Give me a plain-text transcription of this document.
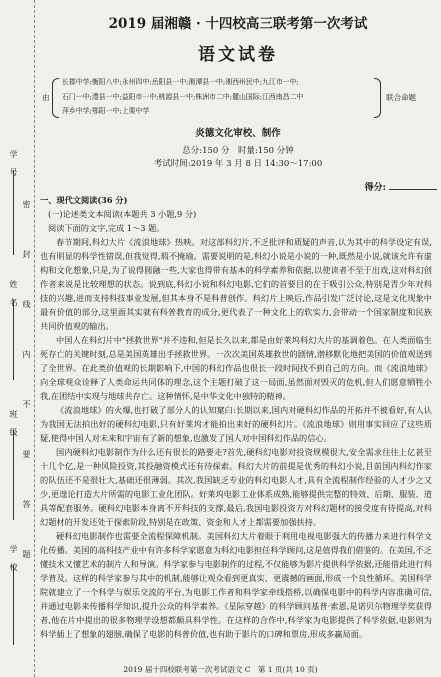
学　号
姓　名
班　级
学　校
密
封
线
内
不
要
答
题
2019 届湘赣 · 十四校高三联考第一次考试
语文试卷
由
长郡中学;衡阳八中;永州四中;岳阳县一中;湘潭县一中;湘西州民中;九江市一中;
石门一中;澧县一中;益阳市一中;桃源县一中;株洲市二中;麓山国际;江西南昌二中
萍乡中学;鄂阳一中;上栗中学
联合命题
炎德文化审校、制作
总分:150 分　时量:150 分钟
考试时间:2019 年 3 月 8 日 14:30～17:00
得分:
一、现代文阅读(36 分)
(一)论述类文本阅读(本题共 3 小题,9 分)
阅读下面的文字,完成 1～3 题。

春节期间,科幻大片《流浪地球》热映。对这部科幻片,不乏批评和质疑的声音,认为其中的科学设定有误,也有明显的科学性错误,但我觉得,瑕不掩瑜。需要说明的是,科幻小说是小说的一种,既然是小说,就该允许有虚构和文化想象,只是,为了说得圆融一些,大家也得带有基本的科学素养和依据,以使读者不至于出戏,这对科幻创作者来说是比较理想的状态。说到底,科幻小说和科幻电影,它们的首要目的在于吸引公众,特别是青少年对科技的兴趣,进而支持科技事业发展,但其本身不是科普创作。科幻片上映后,作品引发广泛讨论,这是文化现象中最有价值的部分,这里面其实就有科普教育的成分,更代表了一种文化上的软实力,会带动一个国家制度和民族共同价值观的输出。

中国人在科幻片中"拯救世界"并不违和,但是长久以来,都是由好莱坞科幻大片的基调着色。在人类面临生死存亡的关键时刻,总是美国英雄出手拯救世界。一次次美国英雄救世的剧情,潜移默化地把美国的价值观送到了全世界。在此类价值观的长期影响下,中国的科幻作品也很长一段时间找不到自己的方向。而《流浪地球》向全球观众诠释了人类命运共同体的理念,这个主题打破了这一局面,虽然面对毁灭的危机,但人们愿意牺牲小我,在团结中实现与地球共存亡。这种情怀,是中华文化中独特的精神。

《流浪地球》的火爆,也打破了部分人的认知窠臼:长期以来,国内对硬科幻作品的开拓并不被看好,有人认为我国无法拍出好的硬科幻电影,只有好莱坞才能拍出来好的硬科幻片。《流浪地球》则用事实回应了这些质疑,使得中国人对未来和宇宙有了新的想象,也激发了国人对中国科幻作品的信心。

国内硬科幻电影制作为什么还有很长的路要走?首先,硬科幻电影对投资规模很大,安全需求往往上亿甚至十几个亿,是一种风险投资,其投融资模式还有待探索。科幻大片的前提是优秀的科幻小说,目前国内科幻作家的队伍还不是很壮大,基础还很薄弱。其次,我国缺乏专业的科幻电影人才,具有全流程制作经验的人才少之又少,更遑论打造大片所需的电影工业化团队。好莱坞电影工业体系成熟,能够提供完整的特效、后期、服装、道具等配套服务。硬科幻电影本身离不开科技的支撑,最后,我国电影投资方对科幻题材的接受度有待提高,对科幻题材的开发还处于探索阶段,特别是在政策、资金和人才上都需要加强扶持。

硬科幻电影制作也需要全流程保障机制。美国科幻大片着眼于利用电视电影强大的传播力来进行科学文化传播。美国的高科技产业中有许多科学家愿意为科幻电影担任科学顾问,这是值得我们借鉴的。在美国,不乏懂技术又懂艺术的制片人和导演。科学家参与电影制作的过程,不仅能够为影片提供科学依据,还能借此进行科学普及。这样的科学家参与其中的机制,能够让观众看到更真实、更震撼的画面,形成一个良性循环。美国科学院就建立了一个科学与娱乐交流的平台,为电影工作者和科学家牵线搭桥,以确保电影中的科学内容准确可信,并通过电影来传播科学知识,提升公众的科学素养。《星际穿越》的科学顾问基普·索恩,是诺贝尔物理学奖获得者,他在片中提出的很多物理学设想都颇具科学性。在这样的合作中,科学家为电影提供了科学依据,电影则为科学插上了想象的翅膀,确保了电影的科普价值,也有助于影片的口碑和票房,形成多赢局面。

2019 届十四校联考第一次考试语文 C　第 1 页(共 10 页)
